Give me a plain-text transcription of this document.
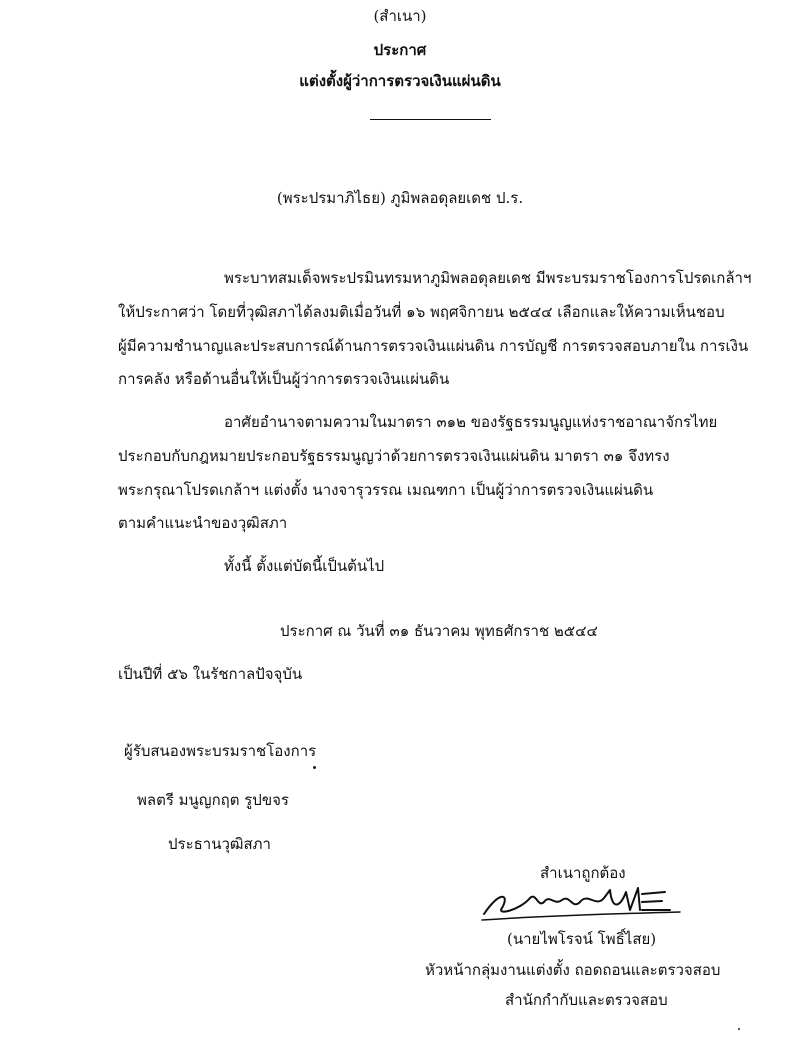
(สำเนา)
ประกาศ
แต่งตั้งผู้ว่าการตรวจเงินแผ่นดิน
(พระปรมาภิไธย) ภูมิพลอดุลยเดช ป.ร.
พระบาทสมเด็จพระปรมินทรมหาภูมิพลอดุลยเดช มีพระบรมราชโองการโปรดเกล้าฯ
ให้ประกาศว่า โดยที่วุฒิสภาได้ลงมติเมื่อวันที่ ๑๖ พฤศจิกายน ๒๕๔๔ เลือกและให้ความเห็นชอบ
ผู้มีความชำนาญและประสบการณ์ด้านการตรวจเงินแผ่นดิน การบัญชี การตรวจสอบภายใน การเงิน
การคลัง หรือด้านอื่นให้เป็นผู้ว่าการตรวจเงินแผ่นดิน
อาศัยอำนาจตามความในมาตรา ๓๑๒ ของรัฐธรรมนูญแห่งราชอาณาจักรไทย
ประกอบกับกฎหมายประกอบรัฐธรรมนูญว่าด้วยการตรวจเงินแผ่นดิน มาตรา ๓๑ จึงทรง
พระกรุณาโปรดเกล้าฯ แต่งตั้ง นางจารุวรรณ เมณฑกา เป็นผู้ว่าการตรวจเงินแผ่นดิน
ตามคำแนะนำของวุฒิสภา
ทั้งนี้ ตั้งแต่บัดนี้เป็นต้นไป
ประกาศ ณ วันที่ ๓๑ ธันวาคม พุทธศักราช ๒๕๔๔
เป็นปีที่ ๕๖ ในรัชกาลปัจจุบัน
ผู้รับสนองพระบรมราชโองการ
พลตรี มนูญกฤต รูปขจร
ประธานวุฒิสภา
สำเนาถูกต้อง
(นายไพโรจน์ โพธิ์ไสย)
หัวหน้ากลุ่มงานแต่งตั้ง ถอดถอนและตรวจสอบ
สำนักกำกับและตรวจสอบ
